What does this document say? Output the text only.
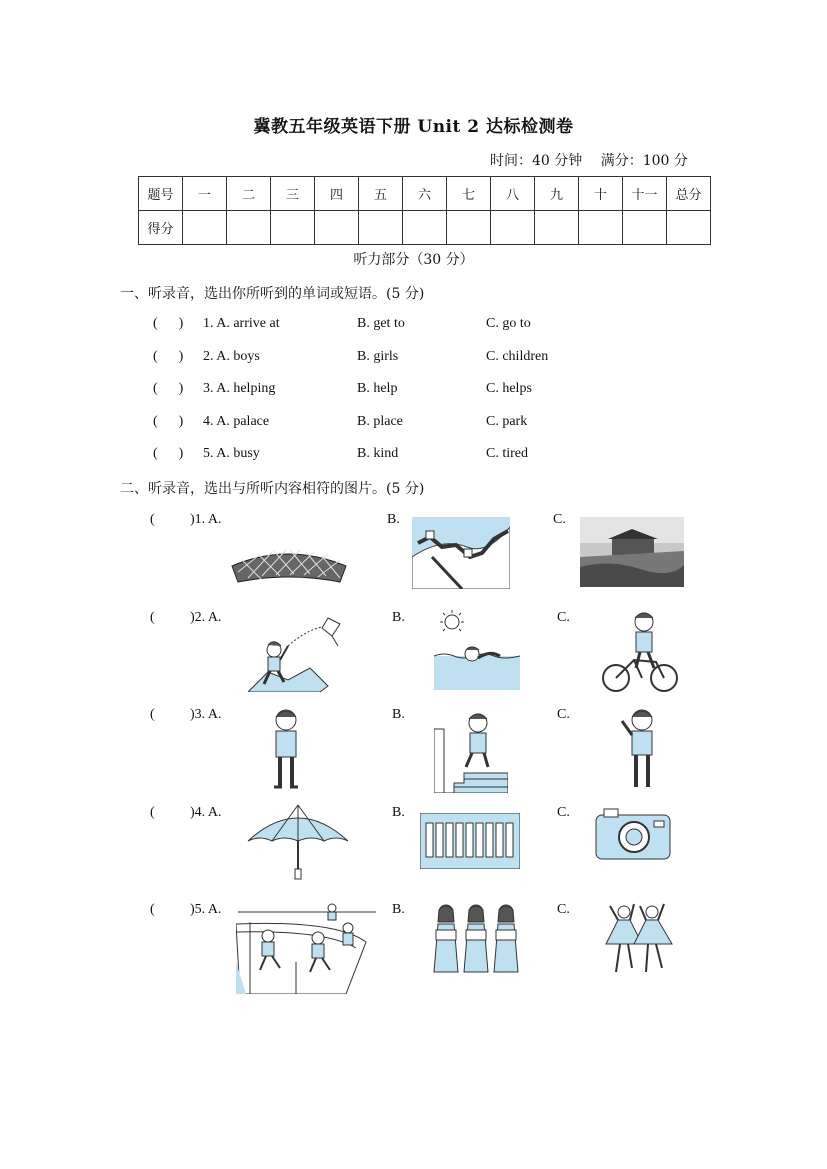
冀教五年级英语下册 Unit 2 达标检测卷
时间：40 分钟 满分：100 分
题号	一	二	三	四	五	六	七	八	九	十	十一	总分
得分												
听力部分（30 分）
一、听录音，选出你所听到的单词或短语。(5 分)
(      ) 1. A. arrive at	B. get to	C. go to
(      ) 2. A. boys	B. girls	C. children
(      ) 3. A. helping	B. help	C. helps
(      ) 4. A. palace	B. place	C. park
(      ) 5. A. busy	B. kind	C. tired
二、听录音，选出与所听内容相符的图片。(5 分)
( )1. A.	B.	C.
( )2. A.	B.	C.
( )3. A.	B.	C.
( )4. A.	B.	C.
( )5. A.	B.	C.
